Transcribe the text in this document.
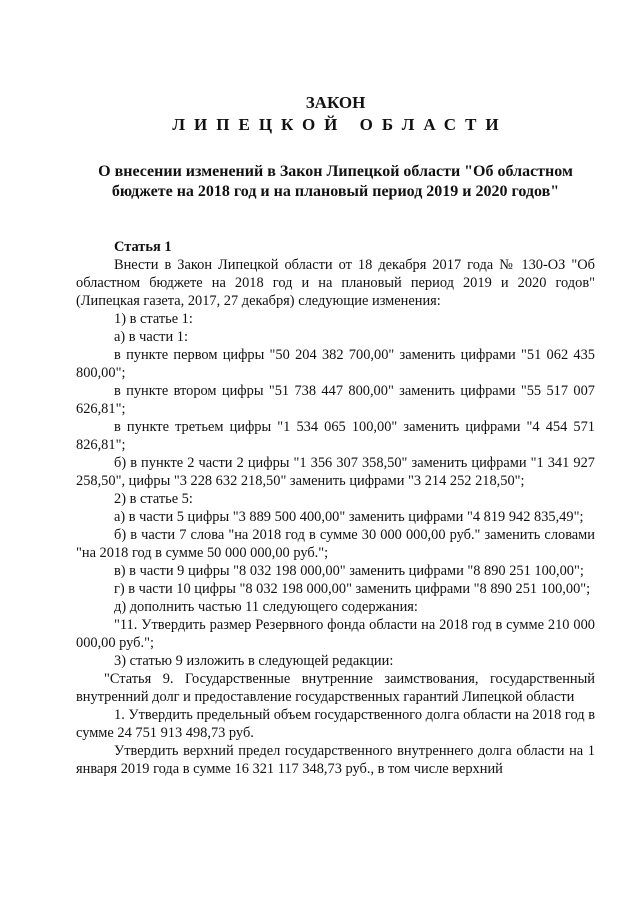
ЗАКОН
ЛИПЕЦКОЙ ОБЛАСТИ
О внесении изменений в Закон Липецкой области "Об областном бюджете на 2018 год и на плановый период 2019 и 2020 годов"

Статья 1

Внести в Закон Липецкой области от 18 декабря 2017 года № 130-ОЗ "Об областном бюджете на 2018 год и на плановый период 2019 и 2020 годов" (Липецкая газета, 2017, 27 декабря) следующие изменения:

1) в статье 1:

а) в части 1:

в пункте первом цифры "50 204 382 700,00" заменить цифрами "51 062 435 800,00";

в пункте втором цифры "51 738 447 800,00" заменить цифрами "55 517 007 626,81";

в пункте третьем цифры "1 534 065 100,00" заменить цифрами "4 454 571 826,81";

б) в пункте 2 части 2 цифры "1 356 307 358,50" заменить цифрами "1 341 927 258,50", цифры "3 228 632 218,50" заменить цифрами "3 214 252 218,50";

2) в статье 5:

а) в части 5 цифры "3 889 500 400,00" заменить цифрами "4 819 942 835,49";

б) в части 7 слова "на 2018 год в сумме 30 000 000,00 руб." заменить словами "на 2018 год в сумме 50 000 000,00 руб.";

в) в части 9 цифры "8 032 198 000,00" заменить цифрами "8 890 251 100,00";

г) в части 10 цифры "8 032 198 000,00" заменить цифрами "8 890 251 100,00";

д) дополнить частью 11 следующего содержания:

"11. Утвердить размер Резервного фонда области на 2018 год в сумме 210 000 000,00 руб.";

3) статью 9 изложить в следующей редакции:

"Статья 9. Государственные внутренние заимствования, государственный внутренний долг и предоставление государственных гарантий Липецкой области

1. Утвердить предельный объем государственного долга области на 2018 год в сумме 24 751 913 498,73 руб.

Утвердить верхний предел государственного внутреннего долга области на 1 января 2019 года в сумме 16 321 117 348,73 руб., в том числе верхний
